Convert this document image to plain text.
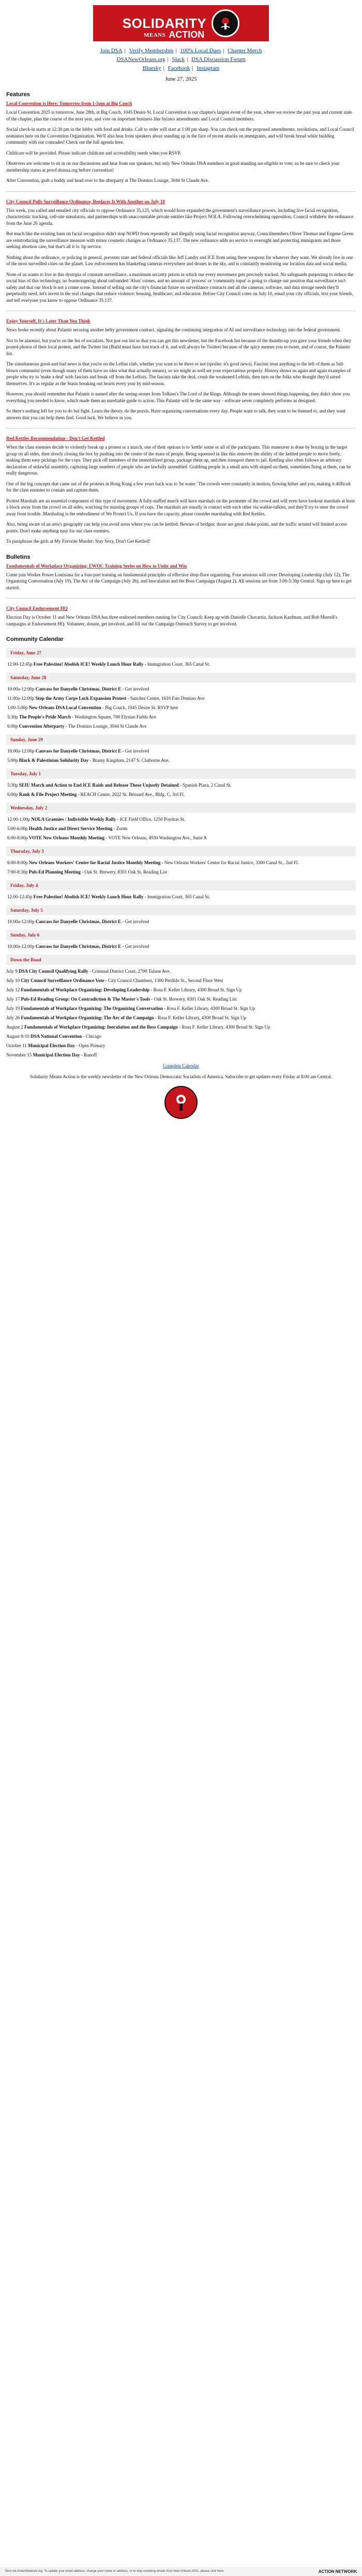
SOLIDARITY
MEANS ACTION
Join DSA | Verify Membership | 100% Local Dues | Chapter Merch
DSANewOrleans.org | Slack | DSA Discussion Forum
Bluesky | Facebook | Instagram
June 27, 2025
Features
Local Convention is Here: Tomorrow from 1-5pm at Big Couch

Local Convention 2025 is tomorrow, June 28th, at Big Couch, 1045 Desire St. Local Convention is our chapter's largest event of the year, where we review the past year and current state of the chapter, plan the course of the next year, and vote on important business like bylaws amendments and Local Council members.

Social check-in starts at 12:30 pm in the lobby with food and drinks. Call to order will start at 1:00 pm sharp. You can check out the proposed amendments, resolutions, and Local Council nominees here on the Convention Organization. We'll also hear from speakers about standing up in the face of recent attacks on immigrants, and will break bread while building community with our comrades! Check out the full agenda here.

Childcare will be provided. Please indicate childcare and accessibility needs when you RSVP.

Observers are welcome to sit in on our discussions and hear from our speakers, but only New Orleans DSA members in good standing are eligible to vote, so be sure to check your membership status at proof.dsausa.org before convention!

After Convention, grab a buddy and head over to the afterparty at The Domino Lounge, 3044 St Claude Ave.

City Council Pulls Surveillance Ordinance, Replaces It With Another on July 10

This week, you called and emailed city officials to oppose Ordinance 35,125, which would have expanded the government's surveillance powers, including live facial recognition, characteristic tracking, cell-site simulators, and partnerships with unaccountable private entities like Project NOLA. Following overwhelming opposition, Council withdrew the ordinance from the June 26 agenda.

But much like the existing bans on facial recognition didn't stop NOPD from repeatedly and illegally using facial recognition anyway, Councilmembers Oliver Thomas and Eugene Green are reintroducing the surveillance measure with minor cosmetic changes as Ordinance 35,137. The new ordinance adds no service to oversight and protecting immigrants and those seeking abortion care, but that's all it is: lip service.

Nothing about the ordinance, or policing in general, prevents state and federal officials like Jeff Landry and ICE from using these weapons for whatever they want. We already live in one of the most surveilled cities on the planet. Law enforcement has blanketing cameras everywhere and drones in the sky, and is constantly monitoring our location data and social media.

None of us wants to live in this dystopia of constant surveillance, a maximum security prison in which our every movement gets precisely tracked. No safeguards purporting to reduce the social bias of this technology, no fearmongering about unfounded 'Aban' crimes, and no amount of 'process' or 'community input' is going to change our position that surveillance isn't safety and that our block is not a crime scene. Instead of selling out the city's financial future on surveillance contracts and all the cameras, software, and data storage needs they'll perpetually need, let's invest in the real changes that reduce violence: housing, healthcare, and education. Before City Council votes on July 10, email your city officials, text your friends, and tell everyone you know to oppose Ordinance 35,137.

Enjoy Yourself, It's Later Than You Think

News broke recently about Palantir securing another hefty government contract, signaling the continuing integration of AI and surveillance technology into the federal government.

Not to be alarmist, but you're on the list of socialists. Not just our list so that you can get this newsletter, but the Facebook list because of the thumbs-up you gave your friends when they posted photos of their local protest, and the Twitter list (Build must have lost track of it, and will always be Twitter) because of the spicy memes you re-tweet, and of course, the Palantir list.

The simultaneous good-and-bad news is that you're on the Leftist club, whether you want to be there or not (spoiler: it's good news). Fascists treat anything to the left of them as full-blown communist (even though many of them have no idea what that actually means), so we might as well set your expectations properly. History shows us again and again examples of people who try to 'make a deal' with fascists and break off from the Leftists. The fascists take the deal, crush the weakened Leftists, then turn on the folks who thought they'd saved themselves. It's as regular as the Stasis breaking out hearts every year by mid-season.

However, you should remember that Palantir is named after the seeing-stones from Tolkien's The Lord of the Rings. Although the stones showed things happening, they didn't show you everything you needed to know, which made them an unreliable guide to action. This Palantir will be the same way - software never completely performs as designed.

So there's nothing left for you to do but fight. Learn the theory, do the praxis. Have organizing conversations every day. People want to talk, they want to be listened to, and they want answers that you can help them find. Good luck. We believe in you.

Red Kettles Recommendation - Don't Get Kettled

When the class enemies decide to violently break up a protest or a march, one of their options is to 'kettle' some or all of the participants. This maneuver is done by boxing in the target group on all sides, then slowly closing the box by pushing into the centre of the mass of people. Being squeezed in like this removes the ability of the kettled people to move freely, making them easy pickings for the cops. They pick off members of the immobilized group, package them up, and then transport them to jail. Kettling also often follows an arbitrary declaration of unlawful assembly, capturing large numbers of people who are lawfully assembled. Grabbing people in a small area with sloped on them, sometimes firing at them, can be really dangerous.

One of the big concepts that came out of the protests in Hong Kong a few years back was to 'be water.' The crowds were constantly in motion, flowing hither and yon, making it difficult for the class enemies to contain and capture them.

Protest Marshals are an essential component of this type of movement. A fully-staffed march will have marshals on the perimeter of the crowd and will even have lookout marshals at least a block away from the crowd on all sides, watching for massing groups of cops. The marshals are usually in contact with each other via walkie-talkies, and they'll try to steer the crowd away from trouble. Marshaling is the embodiment of We Protect Us. If you have the capacity, please consider marshaling with Red Kettles.

Also, being aware of an area's geography can help you avoid areas where you can be kettled. Beware of bridges: those are great choke points, and the traffic around will limited access points. Don't make anything easy for our class enemies.

To paraphrase the girls at My Favorite Murder: Stay Sexy, Don't Get Kettled!

Bulletins
Fundamentals of Workplace Organizing: EWOC Training Series on How to Unite and Win

Come join Worker Power Louisiana for a four-part training on fundamental principles of effective shop-floor organizing. Four sessions will cover Developing Leadership (July 12), The Organizing Conversation (July 19), The Arc of the Campaign (July 26), and Inoculation and the Boss Campaign (August 2). All sessions are from 3:00-5:30p Central. Sign up here to get started.

City Council Endorsement HQ

Election Day is October 11 and New Orleans DSA has three endorsed members running for City Council: Keep up with Danielle Chavarria, Jackson Kaufman, and Bob Murrell's campaigns at Endorsement HQ. Volunteer, donate, get involved, and fill out the Campaign Outreach Survey to get involved.

Community Calendar
Friday, June 27
12:00-12:45p Free Palestine! Abolish ICE! Weekly Lunch Hour Rally - Immigration Court, 365 Canal St.
Saturday, June 28
10:00a-12:00p Canvass for Danyelle Christmas, District E - Get involved
11:00a-12:00p Stop the Army Corps Lock Expansion Protest - Sanchez Center, 1616 Fats Domino Ave
1:00-5:00p New Orleans DSA Local Convention - Big Couch, 1045 Desire St. RSVP here
5:30p The People's Pride March - Washington Square, 700 Elysian Fields Ave
6:00p Convention Afterparty - The Domino Lounge, 3044 St Claude Ave
Sunday, June 29
10:00a-12:00p Canvass for Danyelle Christmas, District E - Get involved
5:00p Black & Palestinian Solidarity Day - Bramy Kingdom, 2147 S. Claiborne Ave.
Tuesday, July 1
5:30p SEIU March and Action to End ICE Raids and Release Those Unjustly Detained - Spanish Plaza, 2 Canal St.
6:00p Rank & File Project Meeting - REACH Center, 2022 St. Bernard Ave., Bldg. C, 3rd Fl.
Wednesday, July 2
12:00-1:00p NOLA Grannies / Indivisible Weekly Rally - ICE Field Office, 1250 Poydras St.
5:00-6:00p Health Justice and Direct Service Meeting - Zoom
6:00-8:00p VOTE New Orleans Monthly Meeting - VOTE New Orleans, 4930 Washington Ave., Suite A
Thursday, July 3
6:00-8:00p New Orleans Workers' Center for Racial Justice Monthly Meeting - New Orleans Workers' Center for Racial Justice, 3300 Canal St., 2nd Fl.
7:00-8:30p Pub-Ed Planning Meeting - Oak St. Brewery, 8301 Oak St. Reading List
Friday, July 4
12:00-12:45p Free Palestine! Abolish ICE! Weekly Lunch Hour Rally - Immigration Court, 365 Canal St.
Saturday, July 5
10:00a-12:00p Canvass for Danyelle Christmas, District E - Get involved
Sunday, July 6
10:00a-12:00p Canvass for Danyelle Christmas, District E - Get involved
Down the Road
July 9 DSA City Council Qualifying Rally - Criminal District Court, 2700 Tulane Ave.
July 10 City Council Surveillance Ordinance Vote - City Council Chambers, 1300 Perdido St., Second Floor West
July 12 Fundamentals of Workplace Organizing: Developing Leadership - Rosa F. Keller Library, 4300 Broad St. Sign Up
July 17 Pub-Ed Reading Group: On Contradiction & The Master's Tools - Oak St. Brewery, 8301 Oak St. Reading List
July 19 Fundamentals of Workplace Organizing: The Organizing Conversation - Rosa F. Keller Library, 4300 Broad St. Sign Up
July 26 Fundamentals of Workplace Organizing: The Arc of the Campaign - Rosa F. Keller Library, 4300 Broad St. Sign Up
August 2 Fundamentals of Workplace Organizing: Inoculation and the Boss Campaign - Rosa F. Keller Library, 4300 Broad St. Sign Up
August 8-10 DSA National Convention - Chicago
October 11 Municipal Election Day - Open Primary
November 15 Municipal Election Day - Runoff
Complete Calendar
Solidarity Means Action is the weekly newsletter of the New Orleans Democratic Socialists of America. Subscribe to get updates every Friday at 8:00 am Central.
Sent via ActionNetwork.org. To update your email address, change your name or address, or to stop receiving emails from New Orleans DSA, please click here.	ACTION NETWORK
